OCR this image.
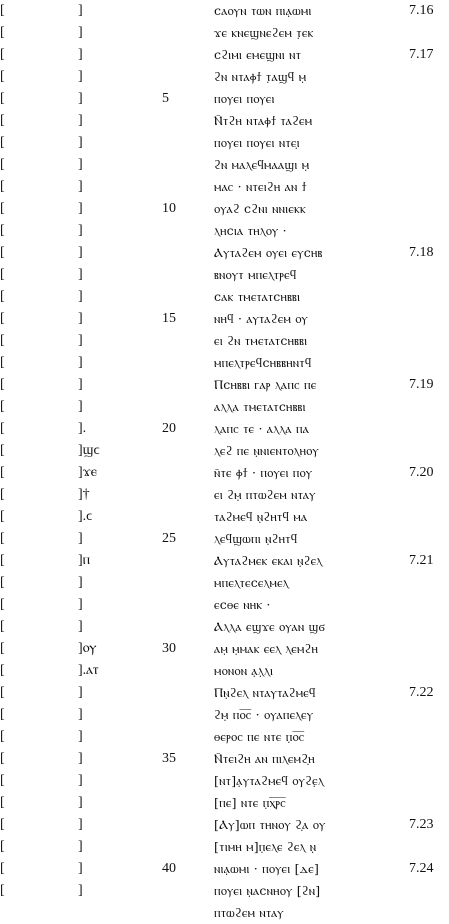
[	]	ϲⲁⲟⲩⲛ ⲧⲱⲛ ⲡⲓⲁ̣ⲱⲙⲓ	7.16
[	]	ϫⲉ ⲕⲛⲉϣⲛⲉϩⲉⲙ ⲧ̣ⲉⲕ
[	]	ϲϩⲓⲙⲓ ⲉⲙⲉϣⲛⲓ ⲛⲧ	7.17
[	]	ϩⲛ ⲛⲧⲁⲫϯ ⲧ̣ⲁϣϥ ⲙ̣
[	]	5	ⲡⲟⲩⲉⲓ ⲡⲟⲩⲉⲓ
[	]	Ⲛ̄ⲧϩⲏ ⲛⲧⲁⲫϯ ⲧⲁϩⲉⲙ
[	]	ⲡⲟⲩⲉⲓ ⲡⲟⲩⲉⲓ ⲛⲧⲉⲓ̣
[	]	ϩⲛ ⲙⲁⲗⲉϥⲙⲁⲁϣⲓ ⲙ̣
[	]	ⲙⲁⲥ · ⲛⲧⲉⲓϩⲏ ⲁⲛ ϯ
[	]	10	ⲟⲩⲁϩ ϲϩⲛⲓ ⲛⲛⲓⲉⲕⲕ
[	]	ⲗⲏϲⲓⲁ ⲧⲏⲗⲟⲩ ·
[	]	Ⲁⲩⲧⲁϩⲉⲙ ⲟⲩⲉⲓ ⲉⲩϲⲏⲃ	7.18
[	]	ⲃⲛⲟⲩⲧ ⲙⲡⲉⲗⲧⲣⲉϥ
[	]	ϲⲁⲕ ⲧⲙⲉⲧⲁⲧϲⲏⲃⲃⲓ
[	]	15	ⲛⲏϥ · ⲁⲩⲧⲁϩⲉⲙ ⲟⲩ
[	]	ⲉⲓ ϩⲛ ⲧⲙⲉⲧⲁⲧϲⲏⲃⲃⲓ
[	]	ⲙⲡⲉⲗⲧⲣⲉϥϲⲏⲃⲃⲏⲛⲧϥ
[	]	Ⲡϲⲏⲃⲃⲓ ⲅⲁⲣ ⲗⲁⲡⲥ ⲡⲉ	7.19
[	]	ⲁⲗⲗⲁ ⲧⲙⲉⲧⲁⲧϲⲏⲃⲃⲓ
[	].	20	ⲗⲁⲡⲥ ⲧⲉ · ⲁⲗⲗⲁ ⲡⲁ
[	]ϣϲ	ⲗⲉϩ ⲡⲉ ⲛ̣ⲛⲓⲉⲛⲧⲟⲗⲏⲟⲩ
[	]ϫⲉ	ⲛ̄ⲧⲉ ⲫϯ · ⲡⲟⲩⲉⲓ ⲡⲟⲩ	7.20
[	]†	ⲉⲓ ϩⲙ̣ ⲡⲧⲱϩⲉⲙ ⲛⲧⲁⲩ
[	].ϲ	ⲧⲁϩⲙⲉϥ ⲛ̣ϩⲏⲧϥ ⲙⲁ
[	]	25	ⲗⲉϥϣⲱⲡⲓ ⲛ̣ϩⲏⲧϥ
[	]ⲡ	Ⲁⲩⲧⲁϩⲙⲉⲕ ⲉⲕⲁⲓ ⲛ̣ϩⲉⲗ	7.21
[	]	ⲙⲡⲉⲗⲧⲉϲⲉⲗⲙⲉⲗ
[	]	ⲉϲⲑⲉ ⲛⲏⲕ ·
[	]	Ⲁⲗⲗⲁ ⲉϣϫⲉ ⲟⲩⲁⲛ ϣϭ
[	]ⲟⲩ	30	ⲁⲙ̣ ⲙ̣ⲙⲁⲕ ⲉⲉⲗ ⲗⲉⲙϩⲏ
[	].ⲁⲧ	ⲙⲟⲛⲟⲛ ⲁ̣ⲗ̣ⲗⲓ
[	]	Ⲡⲛ̣ϩⲉⲗ ⲛⲧⲁⲩⲧⲁϩⲙⲉϥ	7.22
[	]	ϩⲙ̣ ⲡⲟ̅ⲥ̅ · ⲟⲩⲁⲡⲉⲗⲉⲩ
[	]	ⲑⲉⲣⲟⲥ ⲡⲉ ⲛⲧⲉ ⲡ̣ⲟ̅ⲥ̅
[	]	35	Ⲛ̄ⲧⲉⲓϩⲏ ⲁⲛ ⲡⲓⲗⲉⲙϩ̣ⲏ
[	]	[ⲛⲧ]ⲁ̣ⲩⲧⲁϩⲙⲉϥ ⲟⲩ̣ϩⲉ̣ⲗ
[	]	[ⲡⲉ] ⲛⲧⲉ ⲡ̣ⲭ̅ⲣ̅ⲥ̅
[	]	[Ⲁⲩ]ⲱⲡ ⲧⲏⲛⲟⲩ ϩ̣ⲁ ⲟⲩ	7.23
[	]	[ⲧⲓⲙⲏ ⲙ]ⲡ̣ⲉⲗⲉ ϩⲉⲗ ⲛ̣
[	]	40	ⲛⲓⲁ̣ⲱⲙⲓ · ⲡⲟⲩⲉⲓ [ⲇⲉ]	7.24
[	]	ⲡⲟⲩⲉⲓ ⲛ̣ⲁϲⲛⲏⲟⲩ [ϩⲛ]
ⲡⲧⲱϩⲉⲙ ⲛⲧⲁⲩ
